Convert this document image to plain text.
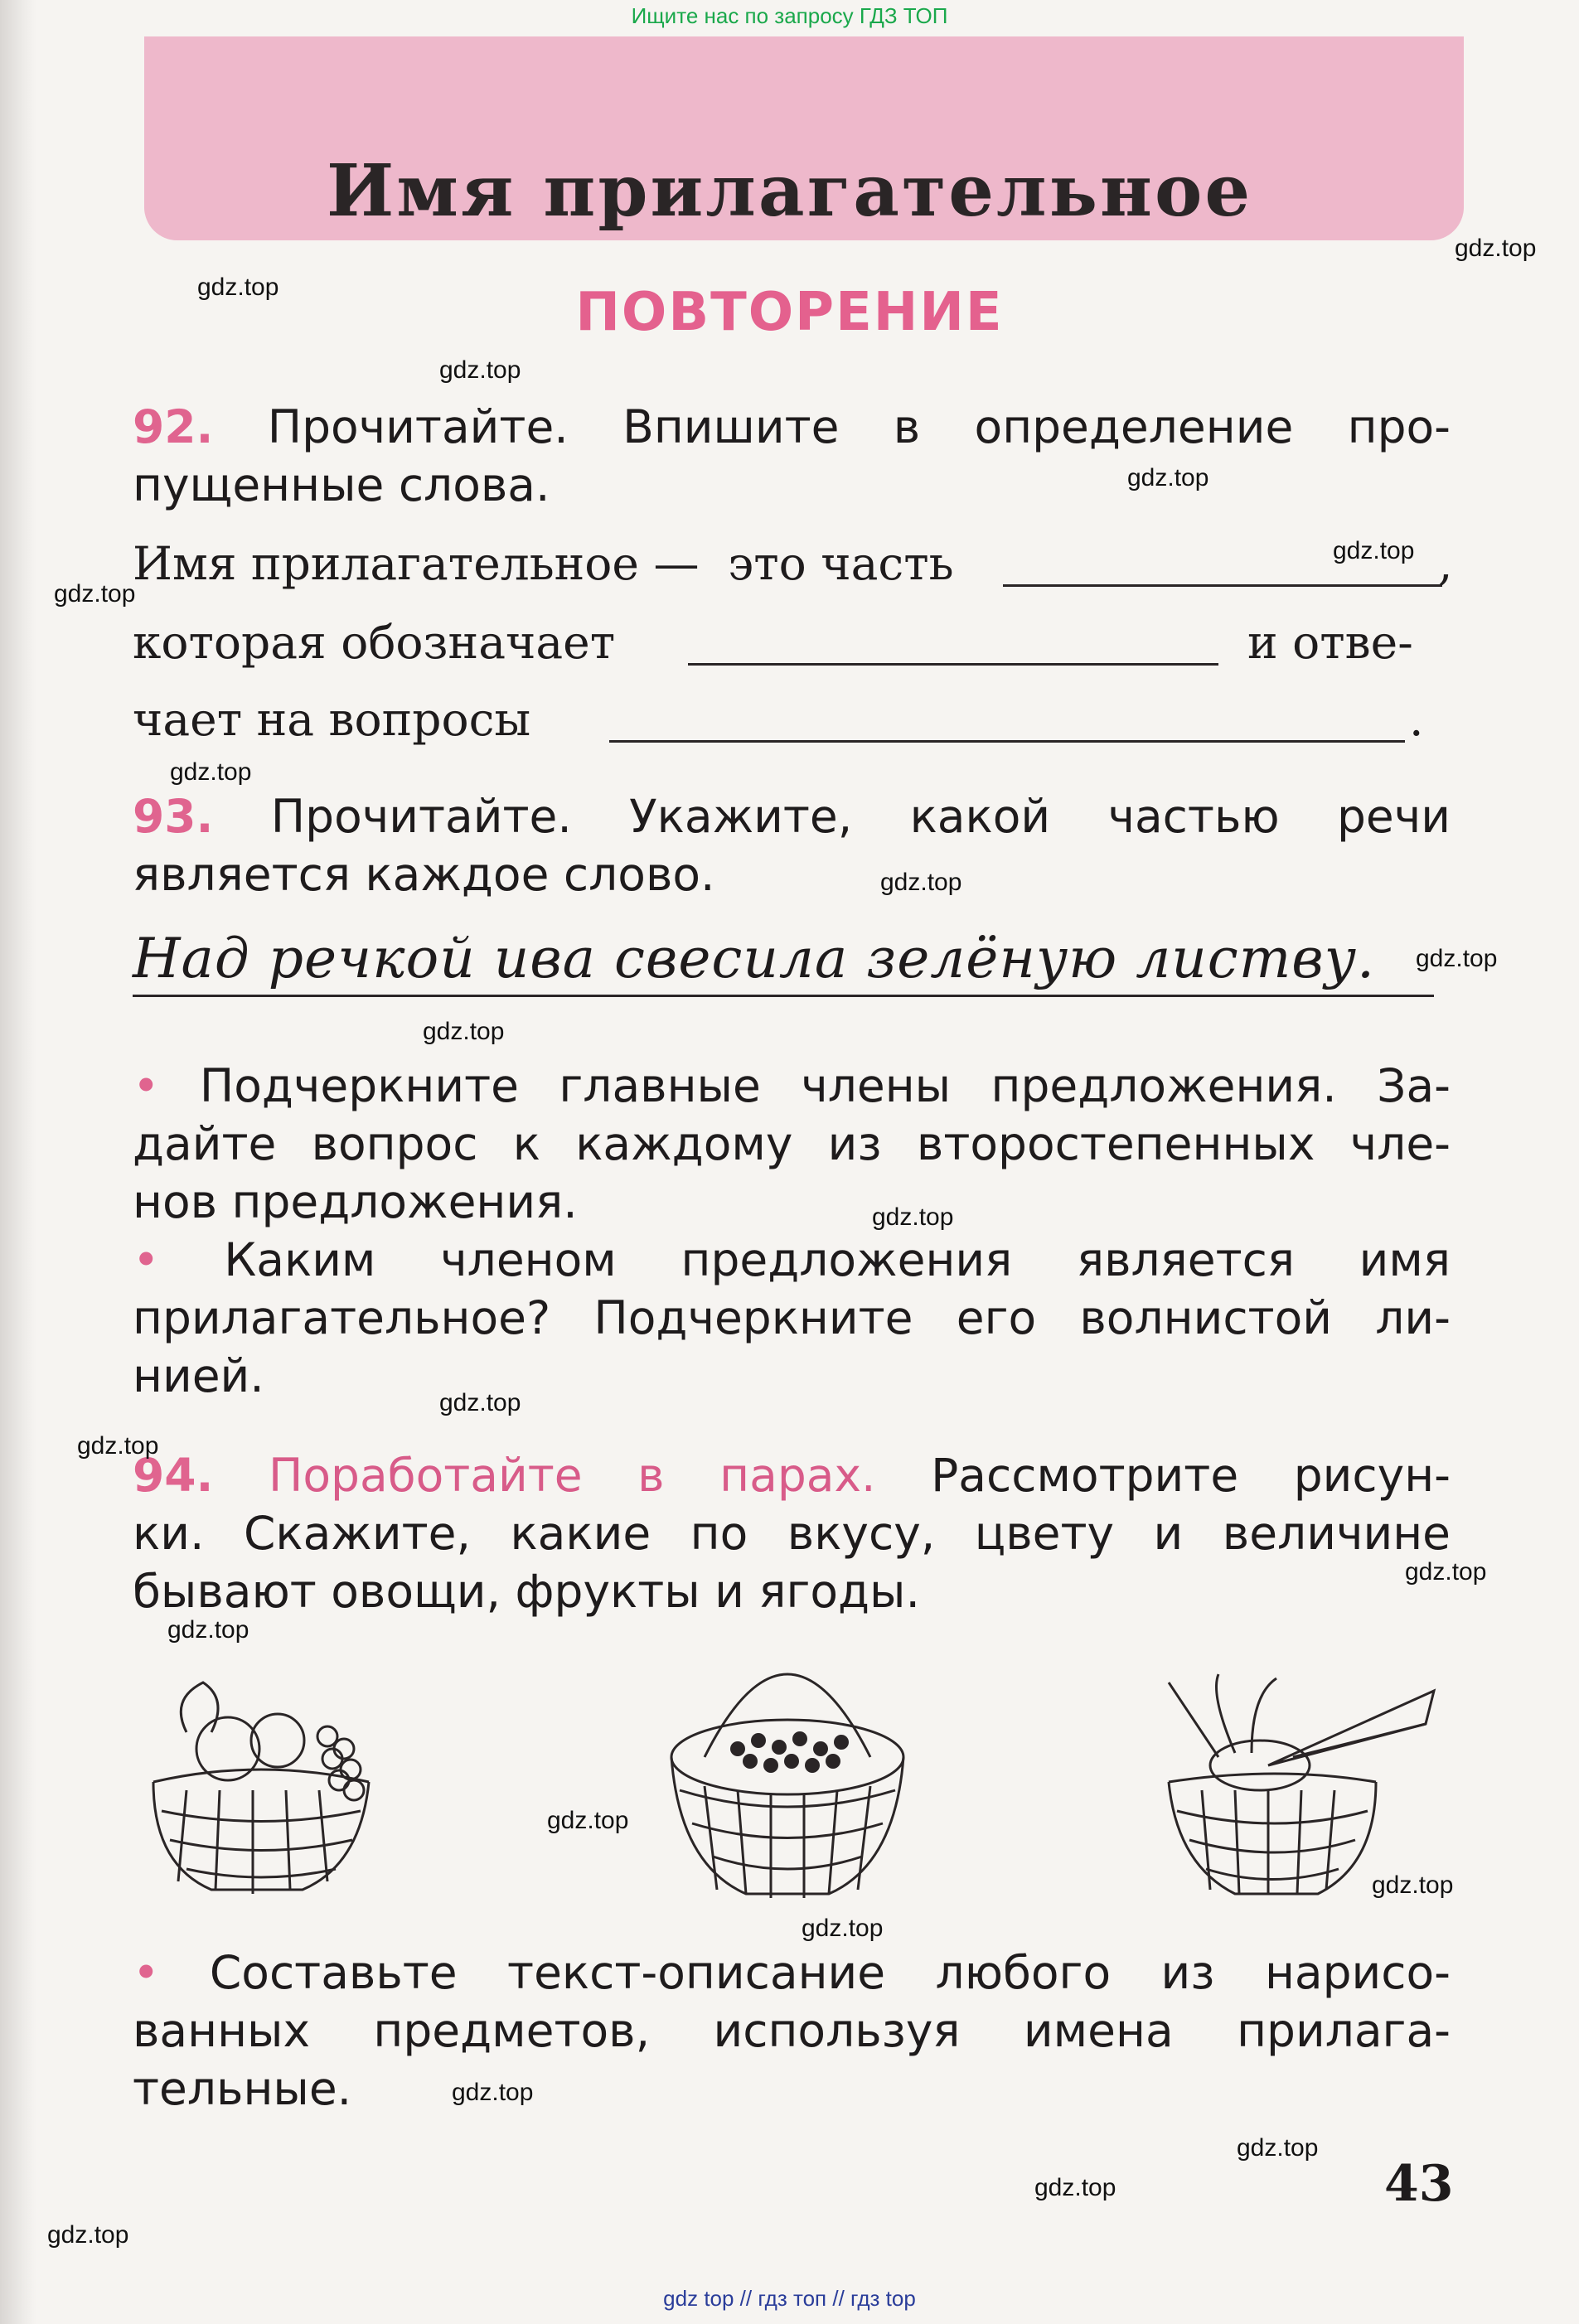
Ищите нас по запросу ГДЗ ТОП
Имя прилагательное
ПОВТОРЕНИЕ
92. Прочитайте. Впишите в определение про-
пущенные слова.
Имя прилагательное — это часть	,
которая обозначает	и отве-
чает на вопросы	.
93. Прочитайте. Укажите, какой частью речи
является каждое слово.
Над речкой ива свесила зелёную листву.
• Подчеркните главные члены предложения. За-
дайте вопрос к каждому из второстепенных чле-
нов предложения.
• Каким членом предложения является имя
прилагательное? Подчеркните его волнистой ли-
нией.
94. Поработайте в парах. Рассмотрите рисун-
ки. Скажите, какие по вкусу, цвету и величине
бывают овощи, фрукты и ягоды.
• Составьте текст-описание любого из нарисо-
ванных предметов, используя имена прилага-
тельные.
43
gdz.top
gdz.top
gdz.top
gdz.top
gdz.top
gdz.top
gdz.top
gdz.top
gdz.top
gdz.top
gdz.top
gdz.top
gdz.top
gdz.top
gdz.top
gdz.top
gdz.top
gdz.top
gdz.top
gdz.top
gdz.top
gdz.top
gdz top // гдз топ // гдз top
